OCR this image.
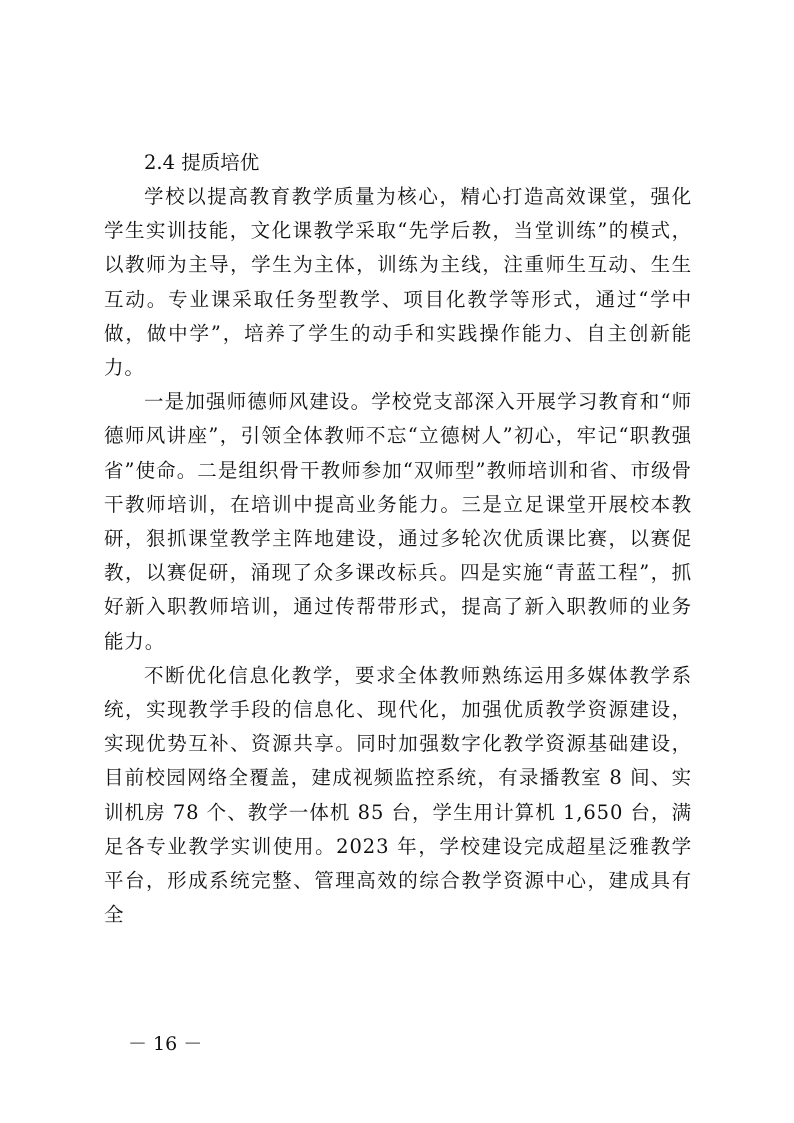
2.4 提质培优

学校以提高教育教学质量为核心，精心打造高效课堂，强化学生实训技能，文化课教学采取“先学后教，当堂训练”的模式，以教师为主导，学生为主体，训练为主线，注重师生互动、生生互动。专业课采取任务型教学、项目化教学等形式，通过“学中做，做中学”，培养了学生的动手和实践操作能力、自主创新能力。

一是加强师德师风建设。学校党支部深入开展学习教育和“师德师风讲座”，引领全体教师不忘“立德树人”初心，牢记“职教强省”使命。二是组织骨干教师参加“双师型”教师培训和省、市级骨干教师培训，在培训中提高业务能力。三是立足课堂开展校本教研，狠抓课堂教学主阵地建设，通过多轮次优质课比赛，以赛促教，以赛促研，涌现了众多课改标兵。四是实施“青蓝工程”，抓好新入职教师培训，通过传帮带形式，提高了新入职教师的业务能力。

不断优化信息化教学，要求全体教师熟练运用多媒体教学系统，实现教学手段的信息化、现代化，加强优质教学资源建设，实现优势互补、资源共享。同时加强数字化教学资源基础建设，目前校园网络全覆盖，建成视频监控系统，有录播教室 8 间、实训机房 78 个、教学一体机 85 台，学生用计算机 1,650 台，满足各专业教学实训使用。2023 年，学校建设完成超星泛雅教学平台，形成系统完整、管理高效的综合教学资源中心，建成具有全

－ 16 －
